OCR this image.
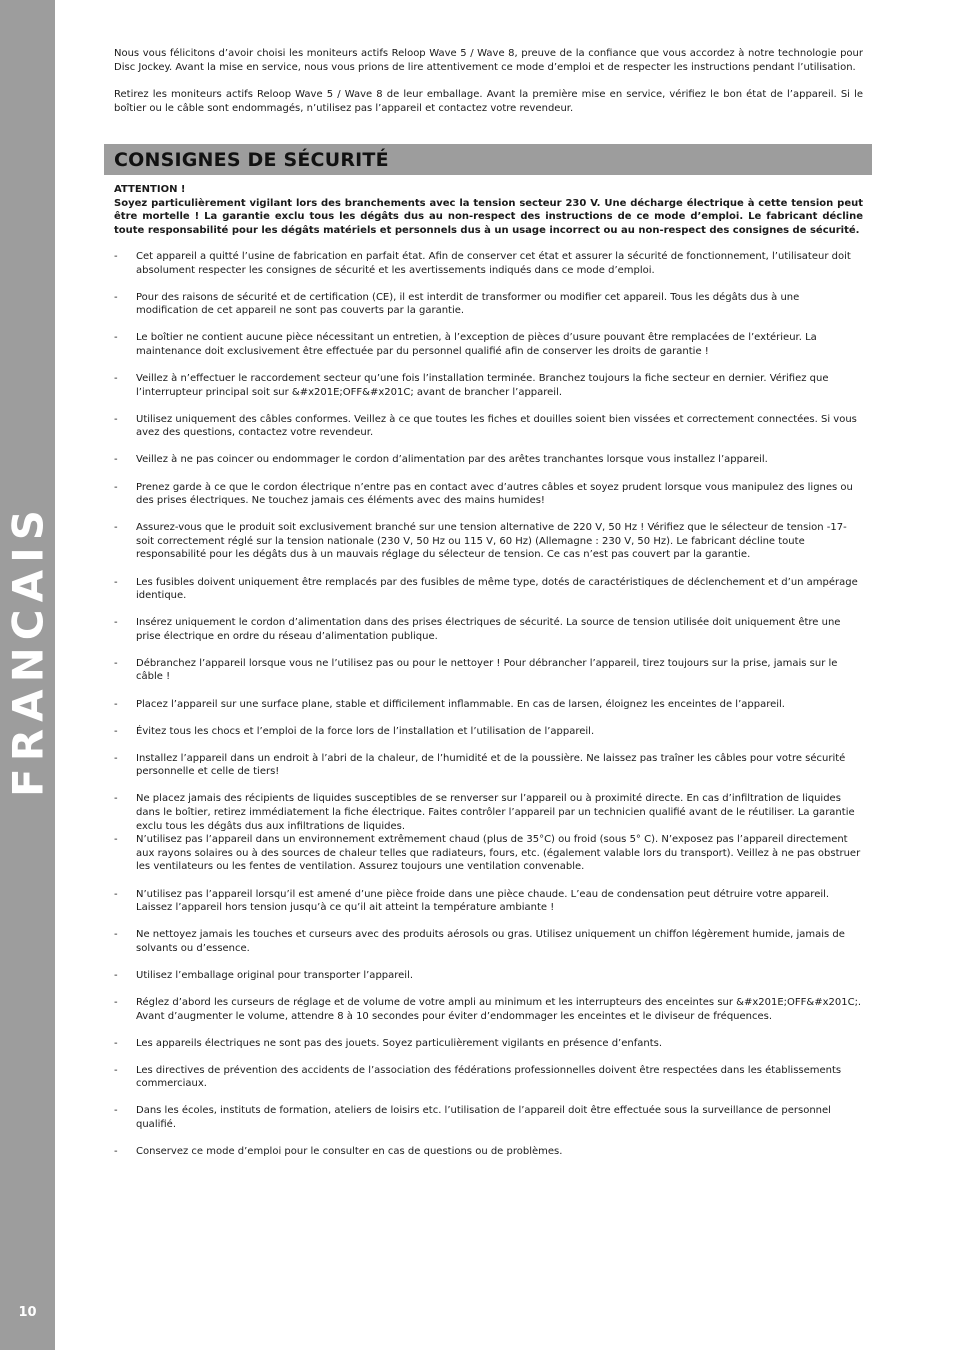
FRANCAIS
10

Nous vous félicitons d’avoir choisi les moniteurs actifs Reloop Wave 5 / Wave 8, preuve de la confiance que vous accordez à notre technologie pour Disc Jockey. Avant la mise en service, nous vous prions de lire attentivement ce mode d’emploi et de respecter les instructions pendant l’utilisation.

Retirez les moniteurs actifs Reloop Wave 5 / Wave 8 de leur emballage. Avant la première mise en service, vérifiez le bon état de l’appareil. Si le boîtier ou le câble sont endommagés, n’utilisez pas l’appareil et contactez votre revendeur.

CONSIGNES DE SÉCURITÉ

ATTENTION !

Soyez particulièrement vigilant lors des branchements avec la tension secteur 230 V. Une décharge électrique à cette tension peut être mortelle ! La garantie exclu tous les dégâts dus au non-respect des instructions de ce mode d’emploi. Le fabricant décline toute responsabilité pour les dégâts matériels et personnels dus à un usage incorrect ou au non-respect des consignes de sécurité.

- Cet appareil a quitté l’usine de fabrication en parfait état. Afin de conserver cet état et assurer la sécurité de fonctionnement, l’utilisateur doit absolument respecter les consignes de sécurité et les avertissements indiqués dans ce mode d’emploi.
- Pour des raisons de sécurité et de certification (CE), il est interdit de transformer ou modifier cet appareil. Tous les dégâts dus à une modification de cet appareil ne sont pas couverts par la garantie.
- Le boîtier ne contient aucune pièce nécessitant un entretien, à l’exception de pièces d’usure pouvant être remplacées de l’extérieur. La maintenance doit exclusivement être effectuée par du personnel qualifié afin de conserver les droits de garantie !
- Veillez à n’effectuer le raccordement secteur qu’une fois l’installation terminée. Branchez toujours la fiche secteur en dernier. Vérifiez que l’interrupteur principal soit sur &#x201E;OFF&#x201C; avant de brancher l’appareil.
- Utilisez uniquement des câbles conformes. Veillez à ce que toutes les fiches et douilles soient bien vissées et correctement connectées. Si vous avez des questions, contactez votre revendeur.
- Veillez à ne pas coincer ou endommager le cordon d’alimentation par des arêtes tranchantes lorsque vous installez l’appareil.
- Prenez garde à ce que le cordon électrique n’entre pas en contact avec d’autres câbles et soyez prudent lorsque vous manipulez des lignes ou des prises électriques. Ne touchez jamais ces éléments avec des mains humides!
- Assurez-vous que le produit soit exclusivement branché sur une tension alternative de 220 V, 50 Hz ! Vérifiez que le sélecteur de tension -17- soit correctement réglé sur la tension nationale (230 V, 50 Hz ou 115 V, 60 Hz) (Allemagne : 230 V, 50 Hz). Le fabricant décline toute responsabilité pour les dégâts dus à un mauvais réglage du sélecteur de tension. Ce cas n’est pas couvert par la garantie.
- Les fusibles doivent uniquement être remplacés par des fusibles de même type, dotés de caractéristiques de déclenchement et d’un ampérage identique.
- Insérez uniquement le cordon d’alimentation dans des prises électriques de sécurité. La source de tension utilisée doit uniquement être une prise électrique en ordre du réseau d’alimentation publique.
- Débranchez l’appareil lorsque vous ne l’utilisez pas ou pour le nettoyer ! Pour débrancher l’appareil, tirez toujours sur la prise, jamais sur le câble !
- Placez l’appareil sur une surface plane, stable et difficilement inflammable. En cas de larsen, éloignez les enceintes de l’appareil.
- Évitez tous les chocs et l’emploi de la force lors de l’installation et l’utilisation de l’appareil.
- Installez l’appareil dans un endroit à l’abri de la chaleur, de l’humidité et de la poussière. Ne laissez pas traîner les câbles pour votre sécurité personnelle et celle de tiers!
- Ne placez jamais des récipients de liquides susceptibles de se renverser sur l’appareil ou à proximité directe. En cas d’infiltration de liquides dans le boîtier, retirez immédiatement la fiche électrique. Faites contrôler l’appareil par un technicien qualifié avant de le réutiliser. La garantie exclu tous les dégâts dus aux infiltrations de liquides.
- N’utilisez pas l’appareil dans un environnement extrêmement chaud (plus de 35°C) ou froid (sous 5° C). N’exposez pas l’appareil directement aux rayons solaires ou à des sources de chaleur telles que radiateurs, fours, etc. (également valable lors du transport). Veillez à ne pas obstruer les ventilateurs ou les fentes de ventilation. Assurez toujours une ventilation convenable.
- N’utilisez pas l’appareil lorsqu’il est amené d’une pièce froide dans une pièce chaude. L’eau de condensation peut détruire votre appareil. Laissez l’appareil hors tension jusqu’à ce qu’il ait atteint la température ambiante !
- Ne nettoyez jamais les touches et curseurs avec des produits aérosols ou gras. Utilisez uniquement un chiffon légèrement humide, jamais de solvants ou d’essence.
- Utilisez l’emballage original pour transporter l’appareil.
- Réglez d’abord les curseurs de réglage et de volume de votre ampli au minimum et les interrupteurs des enceintes sur &#x201E;OFF&#x201C;. Avant d’augmenter le volume, attendre 8 à 10 secondes pour éviter d’endommager les enceintes et le diviseur de fréquences.
- Les appareils électriques ne sont pas des jouets. Soyez particulièrement vigilants en présence d’enfants.
- Les directives de prévention des accidents de l’association des fédérations professionnelles doivent être respectées dans les établissements commerciaux.
- Dans les écoles, instituts de formation, ateliers de loisirs etc. l’utilisation de l’appareil doit être effectuée sous la surveillance de personnel qualifié.
- Conservez ce mode d’emploi pour le consulter en cas de questions ou de problèmes.
